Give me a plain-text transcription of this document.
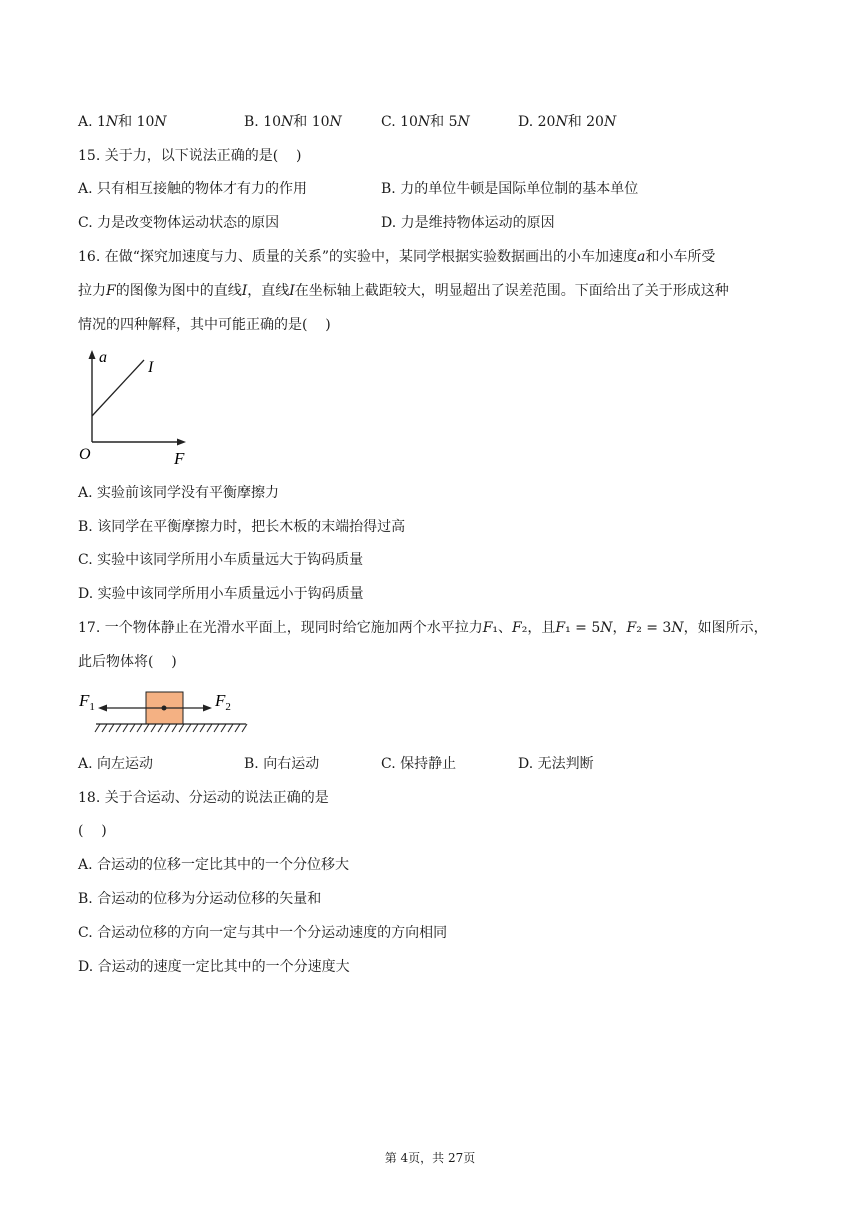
A. 1𝑁和 10𝑁	B. 10𝑁和 10𝑁	C. 10𝑁和 5𝑁	D. 20𝑁和 20𝑁
15. 关于力，以下说法正确的是(    )
A. 只有相互接触的物体才有力的作用	B. 力的单位牛顿是国际单位制的基本单位
C. 力是改变物体运动状态的原因	D. 力是维持物体运动的原因
16. 在做“探究加速度与力、质量的关系”的实验中，某同学根据实验数据画出的小车加速度𝑎和小车所受
拉力𝐹的图像为图中的直线𝐼，直线𝐼在坐标轴上截距较大，明显超出了误差范围。下面给出了关于形成这种
情况的四种解释，其中可能正确的是(    )
a
I
O	F
A. 实验前该同学没有平衡摩擦力
B. 该同学在平衡摩擦力时，把长木板的末端抬得过高
C. 实验中该同学所用小车质量远大于钩码质量
D. 实验中该同学所用小车质量远小于钩码质量
17. 一个物体静止在光滑水平面上，现同时给它施加两个水平拉力𝐹₁、𝐹₂，且𝐹₁ = 5𝑁，𝐹₂ = 3𝑁，如图所示，
此后物体将(    )
$F_1$	$F_2$
A. 向左运动	B. 向右运动	C. 保持静止	D. 无法判断
18. 关于合运动、分运动的说法正确的是
(    )
A. 合运动的位移一定比其中的一个分位移大
B. 合运动的位移为分运动位移的矢量和
C. 合运动位移的方向一定与其中一个分运动速度的方向相同
D. 合运动的速度一定比其中的一个分速度大
第 4页，共 27页
